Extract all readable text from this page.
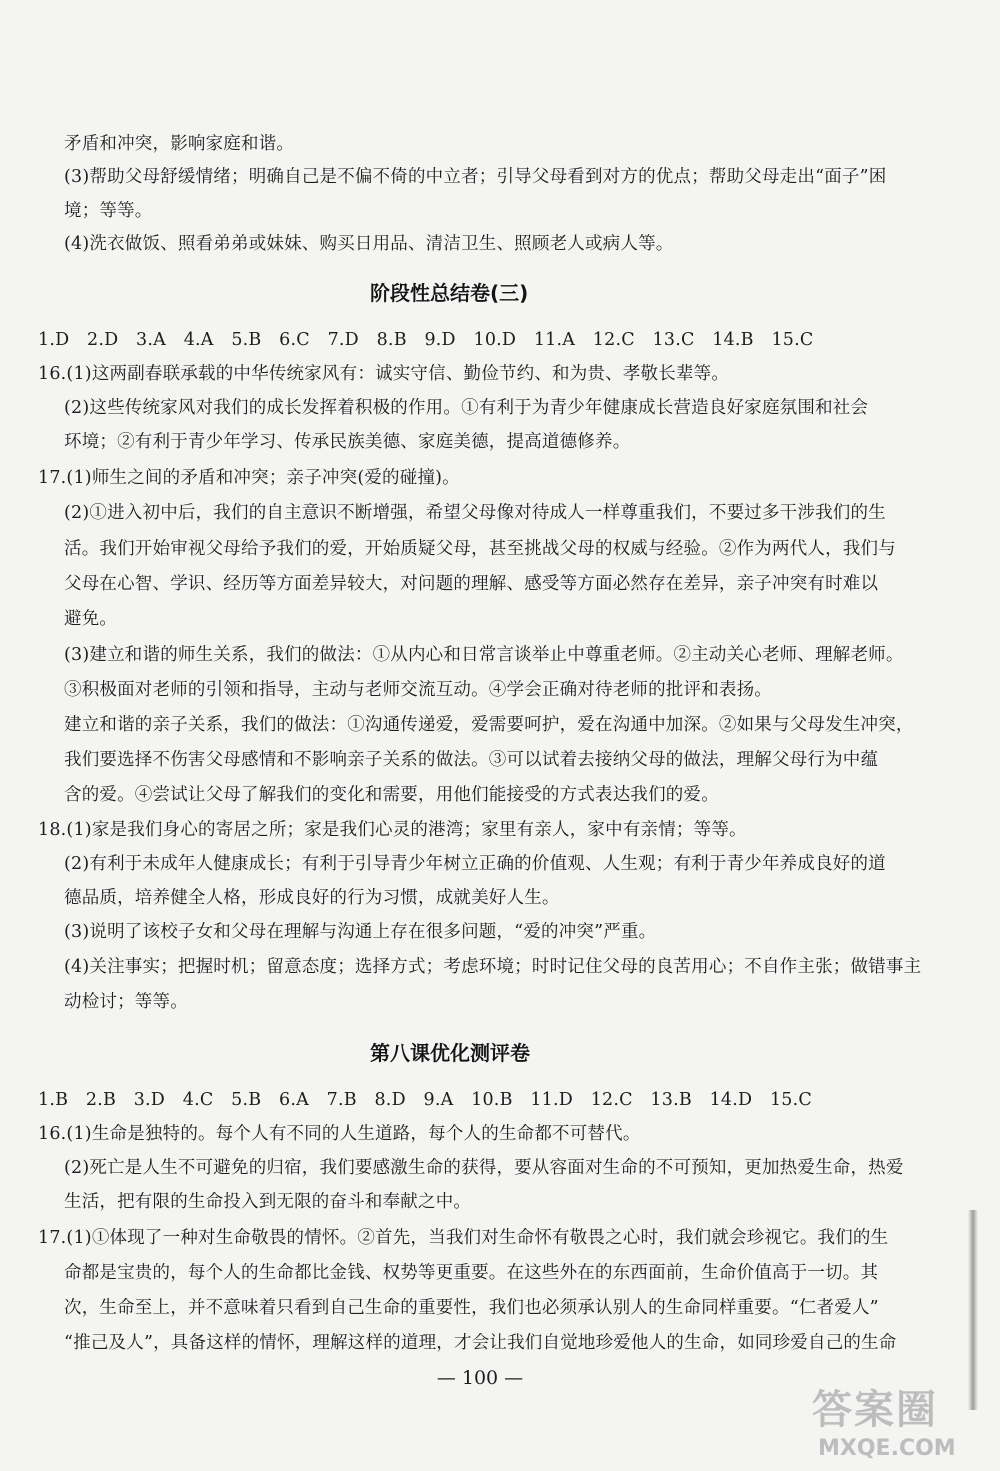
矛盾和冲突，影响家庭和谐。
(3)帮助父母舒缓情绪；明确自己是不偏不倚的中立者；引导父母看到对方的优点；帮助父母走出“面子”困
境；等等。
(4)洗衣做饭、照看弟弟或妹妹、购买日用品、清洁卫生、照顾老人或病人等。
阶段性总结卷(三)
1.D　2.D　3.A　4.A　5.B　6.C　7.D　8.B　9.D　10.D　11.A　12.C　13.C　14.B　15.C
16.(1)这两副春联承载的中华传统家风有：诚实守信、勤俭节约、和为贵、孝敬长辈等。
(2)这些传统家风对我们的成长发挥着积极的作用。①有利于为青少年健康成长营造良好家庭氛围和社会
环境；②有利于青少年学习、传承民族美德、家庭美德，提高道德修养。
17.(1)师生之间的矛盾和冲突；亲子冲突(爱的碰撞)。
(2)①进入初中后，我们的自主意识不断增强，希望父母像对待成人一样尊重我们，不要过多干涉我们的生
活。我们开始审视父母给予我们的爱，开始质疑父母，甚至挑战父母的权威与经验。②作为两代人，我们与
父母在心智、学识、经历等方面差异较大，对问题的理解、感受等方面必然存在差异，亲子冲突有时难以
避免。
(3)建立和谐的师生关系，我们的做法：①从内心和日常言谈举止中尊重老师。②主动关心老师、理解老师。
③积极面对老师的引领和指导，主动与老师交流互动。④学会正确对待老师的批评和表扬。
建立和谐的亲子关系，我们的做法：①沟通传递爱，爱需要呵护，爱在沟通中加深。②如果与父母发生冲突，
我们要选择不伤害父母感情和不影响亲子关系的做法。③可以试着去接纳父母的做法，理解父母行为中蕴
含的爱。④尝试让父母了解我们的变化和需要，用他们能接受的方式表达我们的爱。
18.(1)家是我们身心的寄居之所；家是我们心灵的港湾；家里有亲人，家中有亲情；等等。
(2)有利于未成年人健康成长；有利于引导青少年树立正确的价值观、人生观；有利于青少年养成良好的道
德品质，培养健全人格，形成良好的行为习惯，成就美好人生。
(3)说明了该校子女和父母在理解与沟通上存在很多问题，“爱的冲突”严重。
(4)关注事实；把握时机；留意态度；选择方式；考虑环境；时时记住父母的良苦用心；不自作主张；做错事主
动检讨；等等。
第八课优化测评卷
1.B　2.B　3.D　4.C　5.B　6.A　7.B　8.D　9.A　10.B　11.D　12.C　13.B　14.D　15.C
16.(1)生命是独特的。每个人有不同的人生道路，每个人的生命都不可替代。
(2)死亡是人生不可避免的归宿，我们要感激生命的获得，要从容面对生命的不可预知，更加热爱生命，热爱
生活，把有限的生命投入到无限的奋斗和奉献之中。
17.(1)①体现了一种对生命敬畏的情怀。②首先，当我们对生命怀有敬畏之心时，我们就会珍视它。我们的生
命都是宝贵的，每个人的生命都比金钱、权势等更重要。在这些外在的东西面前，生命价值高于一切。其
次，生命至上，并不意味着只看到自己生命的重要性，我们也必须承认别人的生命同样重要。“仁者爱人”
“推己及人”，具备这样的情怀，理解这样的道理，才会让我们自觉地珍爱他人的生命，如同珍爱自己的生命
— 100 —
答案圈
MXQE.COM
